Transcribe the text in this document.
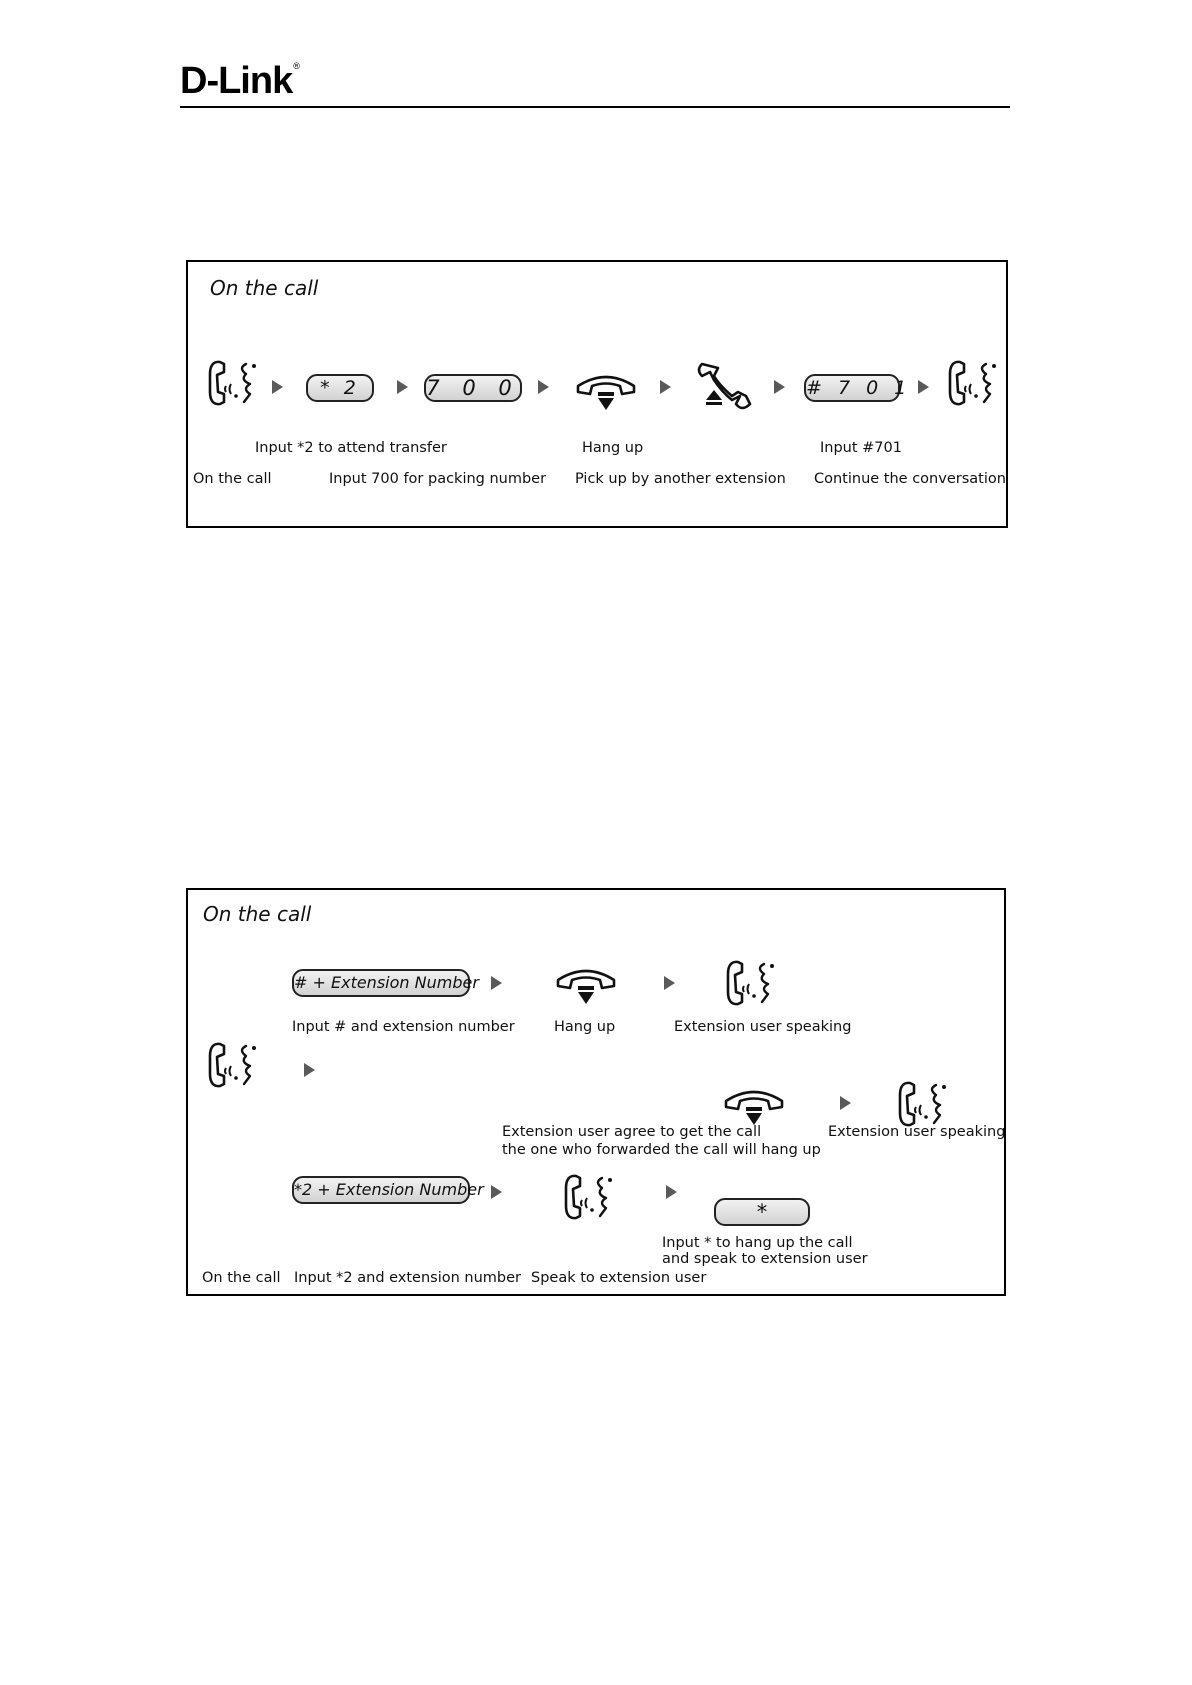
D-Link®
On the call
* 2	7 0 0	# 7 0 1
Input *2 to attend transfer	Hang up	Input #701
On the call	Input 700 for packing number Pick up by another extension Continue the conversation
On the call
# + Extension Number
Input # and extension number	Hang up	Extension user speaking
Extension user agree to get the call
the one who forwarded the call will hang up
Extension user speaking
*2 + Extension Number
*
Input * to hang up the call
and speak to extension user
On the call Input *2 and extension number Speak to extension user
